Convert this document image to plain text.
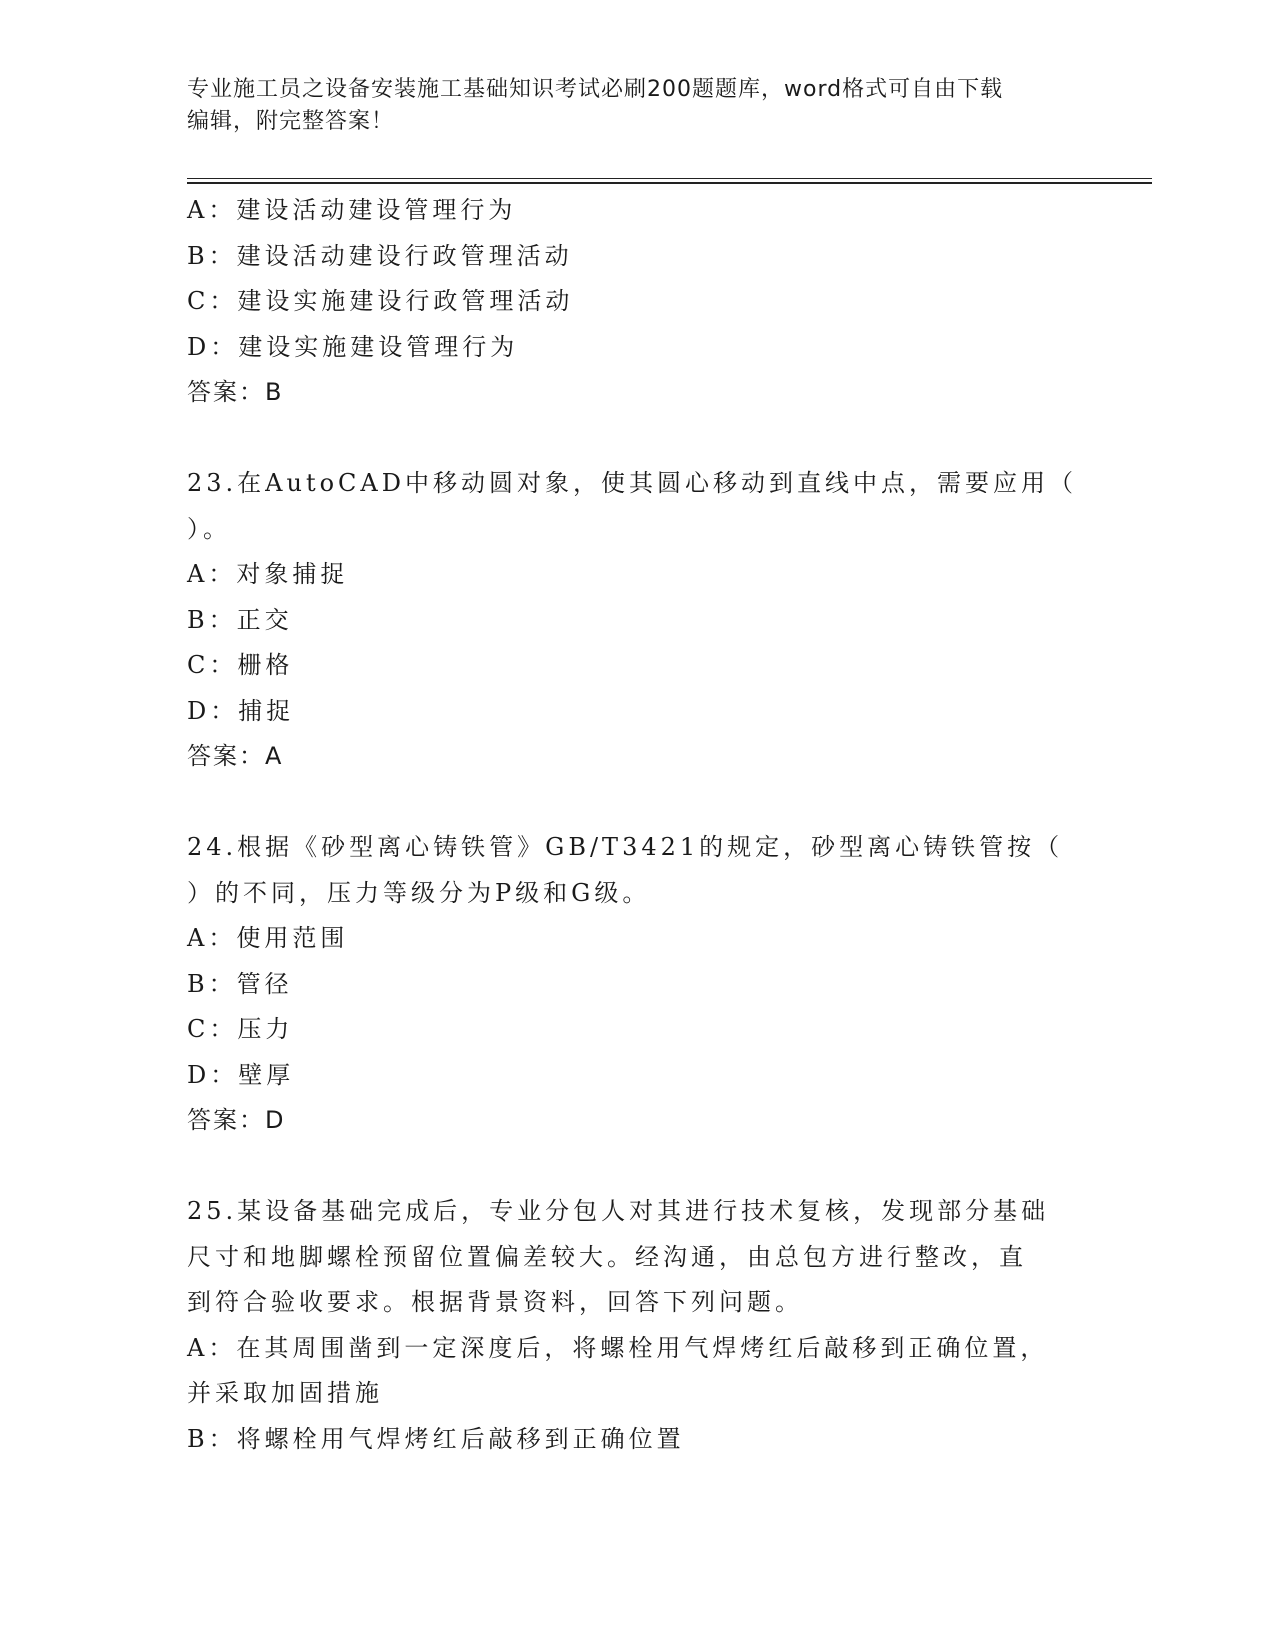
专业施工员之设备安装施工基础知识考试必刷200题题库，word格式可自由下载
编辑，附完整答案！
A：建设活动建设管理行为
B：建设活动建设行政管理活动
C：建设实施建设行政管理活动
D：建设实施建设管理行为
答案：B
23.在AutoCAD中移动圆对象，使其圆心移动到直线中点，需要应用（
）。
A：对象捕捉
B：正交
C：栅格
D：捕捉
答案：A
24.根据《砂型离心铸铁管》GB/T3421的规定，砂型离心铸铁管按（
）的不同，压力等级分为P级和G级。
A：使用范围
B：管径
C：压力
D：壁厚
答案：D
25.某设备基础完成后，专业分包人对其进行技术复核，发现部分基础
尺寸和地脚螺栓预留位置偏差较大。经沟通，由总包方进行整改，直
到符合验收要求。根据背景资料，回答下列问题。
A：在其周围凿到一定深度后，将螺栓用气焊烤红后敲移到正确位置，
并采取加固措施
B：将螺栓用气焊烤红后敲移到正确位置
